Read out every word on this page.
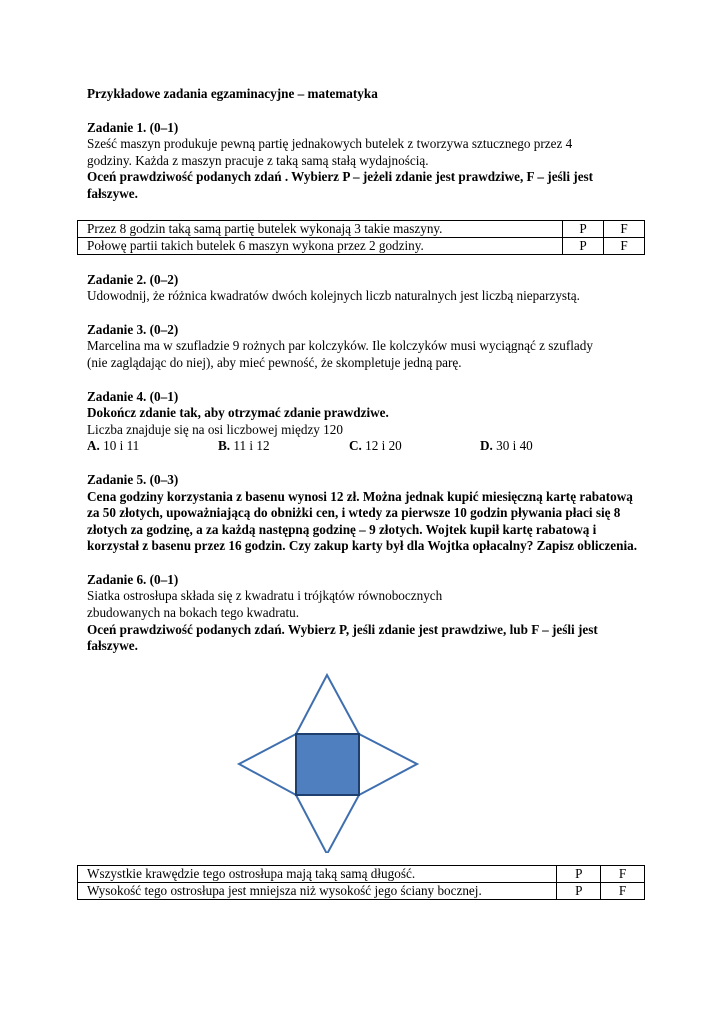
Przykładowe zadania egzaminacyjne – matematyka
Zadanie 1. (0–1)

Sześć maszyn produkuje pewną partię jednakowych butelek z tworzywa sztucznego przez 4

godziny. Każda z maszyn pracuje z taką samą stałą wydajnością.

Oceń prawdziwość podanych zdań . Wybierz P – jeżeli zdanie jest prawdziwe, F – jeśli jest fałszywe.

Przez 8 godzin taką samą partię butelek wykonają 3 takie maszyny.	P	F
Połowę partii takich butelek 6 maszyn wykona przez 2 godziny.	P	F
Zadanie 2. (0–2)

Udowodnij, że różnica kwadratów dwóch kolejnych liczb naturalnych jest liczbą nieparzystą.

Zadanie 3. (0–2)

Marcelina ma w szufladzie 9 rożnych par kolczyków. Ile kolczyków musi wyciągnąć z szuflady

(nie zaglądając do niej), aby mieć pewność, że skompletuje jedną parę.

Zadanie 4. (0–1)

Dokończ zdanie tak, aby otrzymać zdanie prawdziwe.

Liczba znajduje się na osi liczbowej między 120

A. 10 i 11	B. 11 i 12	C. 12 i 20	D. 30 i 40
Zadanie 5. (0–3)

Cena godziny korzystania z basenu wynosi 12 zł. Można jednak kupić miesięczną kartę rabatową za 50 złotych, upoważniającą do obniżki cen, i wtedy za pierwsze 10 godzin pływania płaci się 8 złotych za godzinę, a za każdą następną godzinę – 9 złotych. Wojtek kupił kartę rabatową i korzystał z basenu przez 16 godzin. Czy zakup karty był dla Wojtka opłacalny? Zapisz obliczenia.

Zadanie 6. (0–1)

Siatka ostrosłupa składa się z kwadratu i trójkątów równobocznych

zbudowanych na bokach tego kwadratu.

Oceń prawdziwość podanych zdań. Wybierz P, jeśli zdanie jest prawdziwe, lub F – jeśli jest fałszywe.

Wszystkie krawędzie tego ostrosłupa mają taką samą długość.	P	F
Wysokość tego ostrosłupa jest mniejsza niż wysokość jego ściany bocznej.	P	F
